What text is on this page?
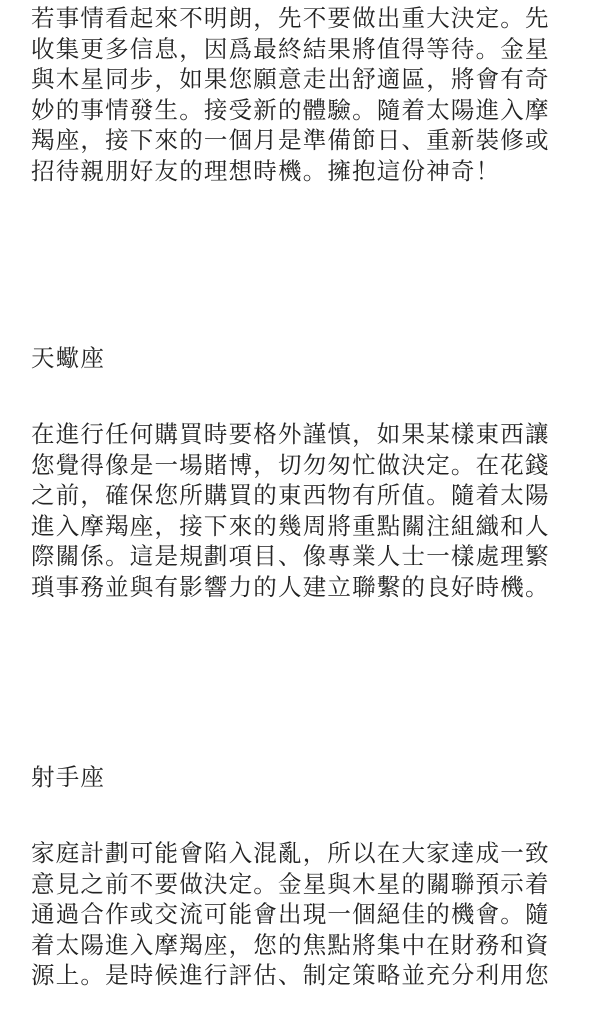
若事情看起來不明朗，先不要做出重大決定。先
收集更多信息，因爲最終結果將值得等待。金星
與木星同步，如果您願意走出舒適區，將會有奇
妙的事情發生。接受新的體驗。隨着太陽進入摩
羯座，接下來的一個月是準備節日、重新裝修或
招待親朋好友的理想時機。擁抱這份神奇！
天蠍座
在進行任何購買時要格外謹慎，如果某樣東西讓
您覺得像是一場賭博，切勿匆忙做決定。在花錢
之前，確保您所購買的東西物有所值。隨着太陽
進入摩羯座，接下來的幾周將重點關注組織和人
際關係。這是規劃項目、像專業人士一樣處理繁
瑣事務並與有影響力的人建立聯繫的良好時機。
射手座
家庭計劃可能會陷入混亂，所以在大家達成一致
意見之前不要做決定。金星與木星的關聯預示着
通過合作或交流可能會出現一個絕佳的機會。隨
着太陽進入摩羯座，您的焦點將集中在財務和資
源上。是時候進行評估、制定策略並充分利用您
